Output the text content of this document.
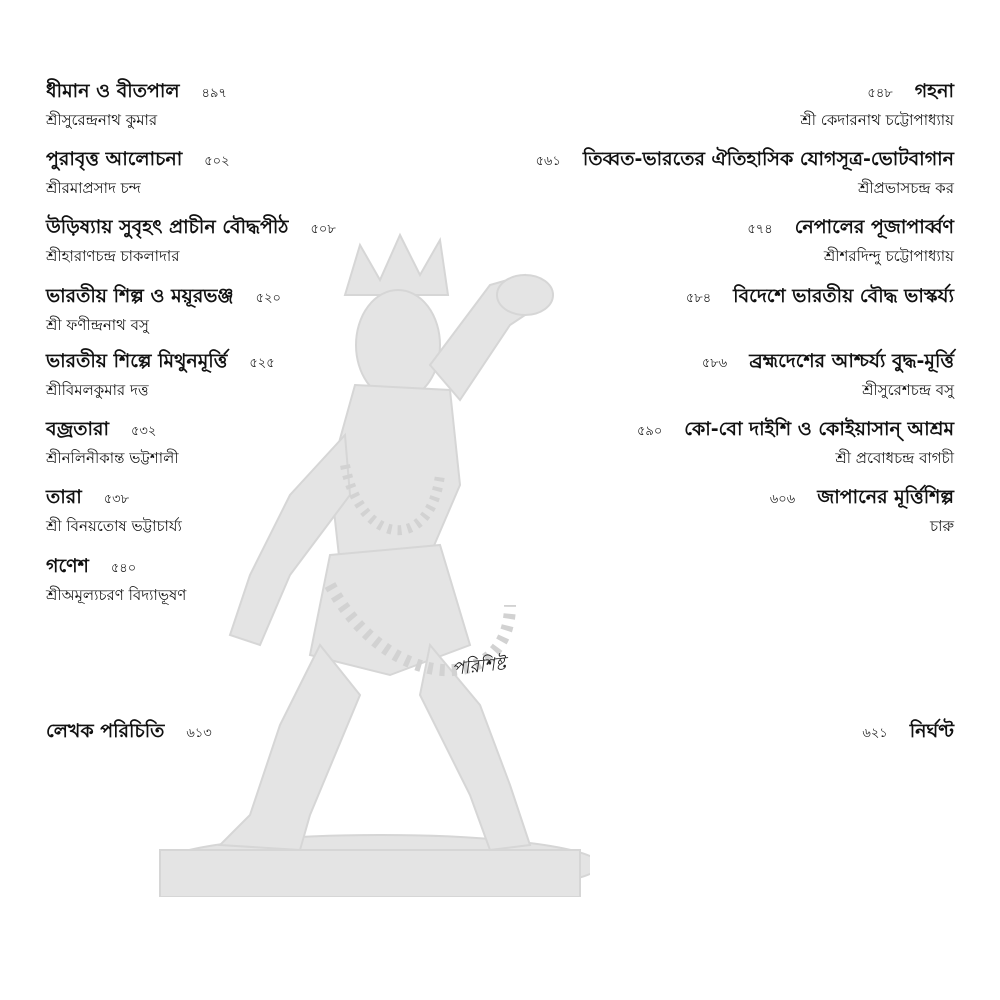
ধীমান ও বীতপাল ৪৯৭
শ্রীসুরেন্দ্রনাথ কুমার
পুরাবৃত্ত আলোচনা ৫০২
শ্রীরমাপ্রসাদ চন্দ
উড়িষ্যায় সুবৃহৎ প্রাচীন বৌদ্ধপীঠ ৫০৮
শ্রীহারাণচন্দ্র চাকলাদার
ভারতীয় শিল্প ও ময়ূরভঞ্জ ৫২০
শ্রী ফণীন্দ্রনাথ বসু
ভারতীয় শিল্পে মিথুনমূর্ত্তি ৫২৫
শ্রীবিমলকুমার দত্ত
বজ্রতারা ৫৩২
শ্রীনলিনীকান্ত ভট্টশালী
তারা ৫৩৮
শ্রী বিনয়তোষ ভট্টাচার্য্য
গণেশ ৫৪০
শ্রীঅমূল্যচরণ বিদ্যাভূষণ
৫৪৮ গহনা
শ্রী কেদারনাথ চট্টোপাধ্যায়
৫৬১ তিব্বত-ভারতের ঐতিহাসিক যোগসূত্র-ভোটবাগান
শ্রীপ্রভাসচন্দ্র কর
৫৭৪ নেপালের পূজাপার্ব্বণ
শ্রীশরদিন্দু চট্টোপাধ্যায়
৫৮৪ বিদেশে ভারতীয় বৌদ্ধ ভাস্কর্য্য
৫৮৬ ব্রহ্মদেশের আশ্চর্য্য বুদ্ধ-মূর্ত্তি
শ্রীসুরেশচন্দ্র বসু
৫৯০ কো-বো দাইশি ও কোইয়াসান্ আশ্রম
শ্রী প্রবোধচন্দ্র বাগচী
৬০৬ জাপানের মূর্ত্তিশিল্প
চারু
পরিশিষ্ট
লেখক পরিচিতি ৬১৩	৬২১ নির্ঘণ্ট
